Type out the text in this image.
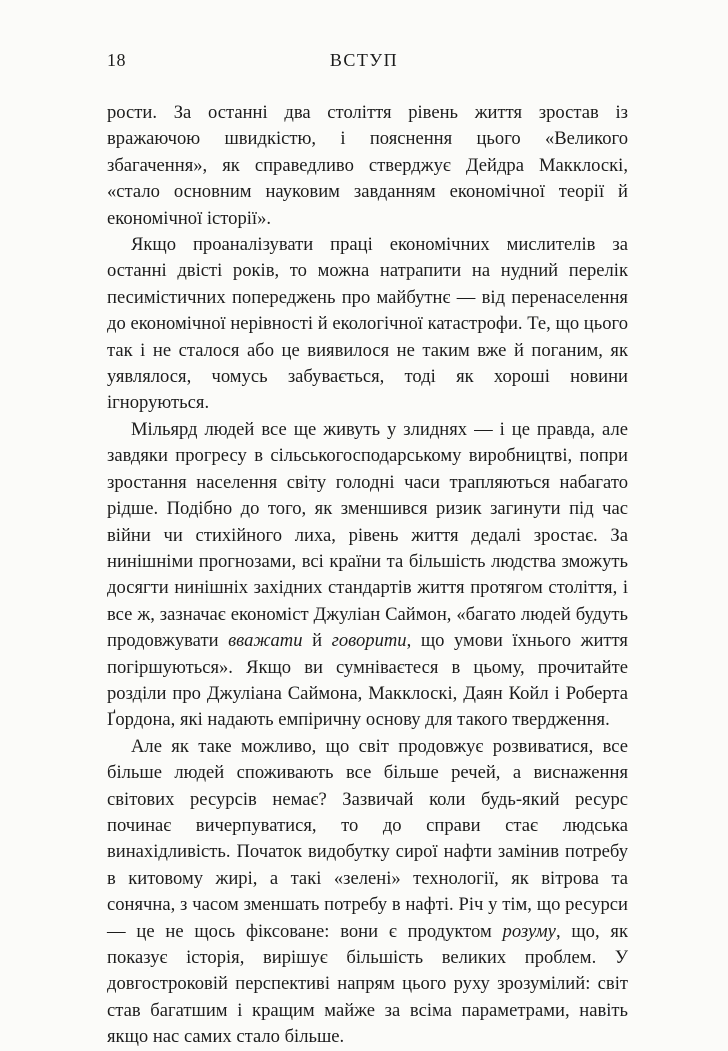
18	ВСТУП

рости. За останні два століття рівень життя зростав із вражаючою швидкістю, і пояснення цього «Великого збагачення», як справедливо стверджує Дейдра Макклоскі, «стало основним науковим завданням економічної теорії й економічної історії».

Якщо проаналізувати праці економічних мислителів за останні двісті років, то можна натрапити на нудний перелік песимістичних попереджень про майбутнє — від перенаселення до економічної нерівності й екологічної катастрофи. Те, що цього так і не сталося або це виявилося не таким вже й поганим, як уявлялося, чомусь забувається, тоді як хороші новини ігноруються.

Мільярд людей все ще живуть у злиднях — і це правда, але завдяки прогресу в сільськогосподарському виробництві, попри зростання населення світу голодні часи трапляються набагато рідше. Подібно до того, як зменшився ризик загинути під час війни чи стихійного лиха, рівень життя дедалі зростає. За нинішніми прогнозами, всі країни та більшість людства зможуть досягти нинiшніх західних стандартів життя протягом століття, і все ж, зазначає економіст Джуліан Саймон, «багато людей будуть продовжувати вважати й говорити, що умови їхнього життя погіршуються». Якщо ви сумніваєтеся в цьому, прочитайте розділи про Джуліана Саймона, Макклоскі, Даян Койл і Роберта Ґордона, які надають емпіричну основу для такого твердження.

Але як таке можливо, що світ продовжує розвиватися, все більше людей споживають все більше речей, а виснаження світових ресурсів немає? Зазвичай коли будь-який ресурс починає вичерпуватися, то до справи стає людська винахідливість. Початок видобутку сирої нафти замінив потребу в китовому жирі, а такі «зелені» технології, як вітрова та сонячна, з часом зменшать потребу в нафті. Річ у тім, що ресурси — це не щось фіксоване: вони є продуктом розуму, що, як показує історія, вирішує більшість великих проблем. У довгостроковій перспективі напрям цього руху зрозумілий: світ став багатшим і кращим майже за всіма параметрами, навіть якщо нас самих стало більше.
